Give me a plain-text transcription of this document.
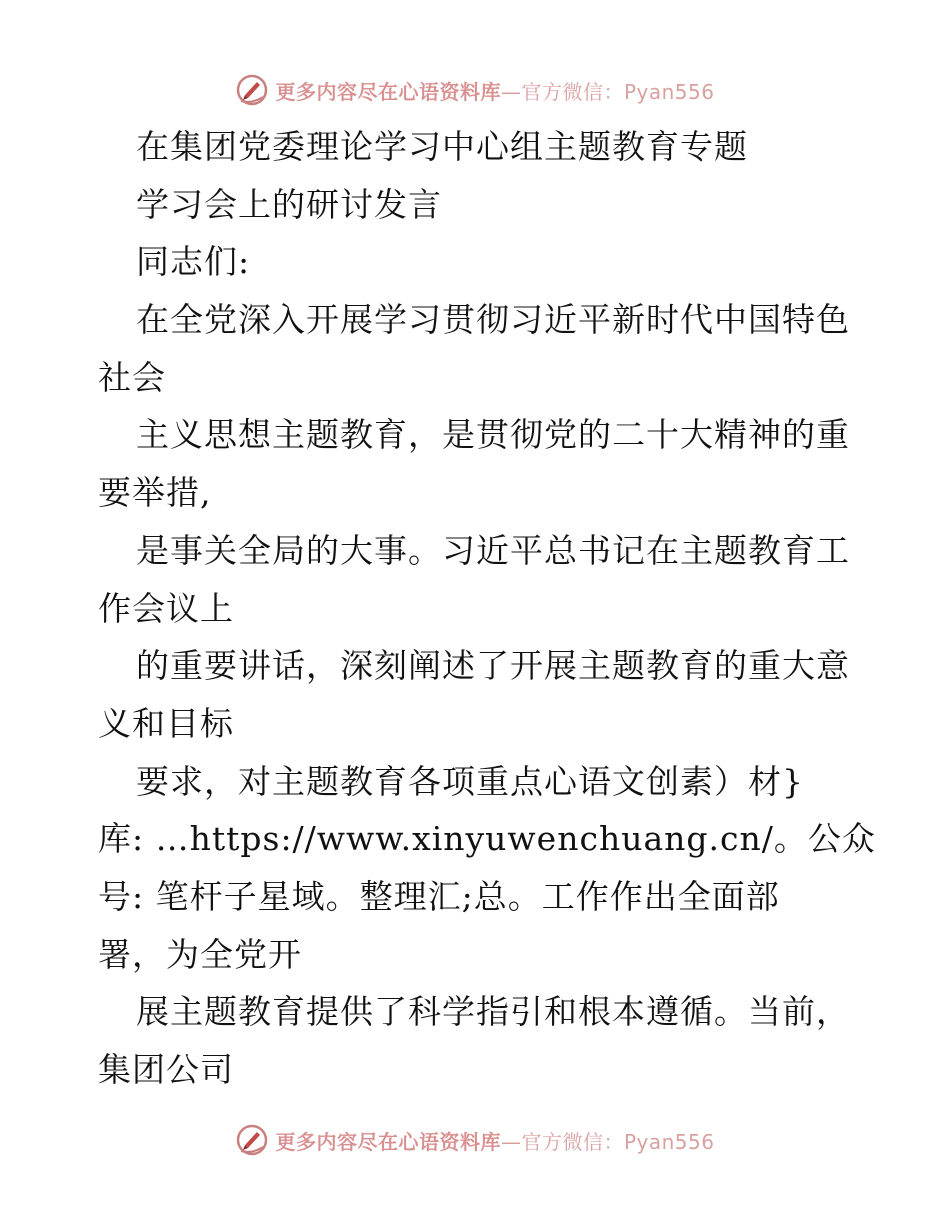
更多内容尽在心语资料库—官方微信：Pyan556
在集团党委理论学习中心组主题教育专题
学习会上的研讨发言
同志们:
在全党深入开展学习贯彻习近平新时代中国特色
社会
主义思想主题教育，是贯彻党的二十大精神的重
要举措,
是事关全局的大事。习近平总书记在主题教育工
作会议上
的重要讲话，深刻阐述了开展主题教育的重大意
义和目标
要求，对主题教育各项重点心语文创素）材}
库: …https://www.xinyuwenchuang.cn/。公众
号: 笔杆子星域。整理汇;总。工作作出全面部
署，为全党开
展主题教育提供了科学指引和根本遵循。当前，
集团公司
更多内容尽在心语资料库—官方微信：Pyan556
